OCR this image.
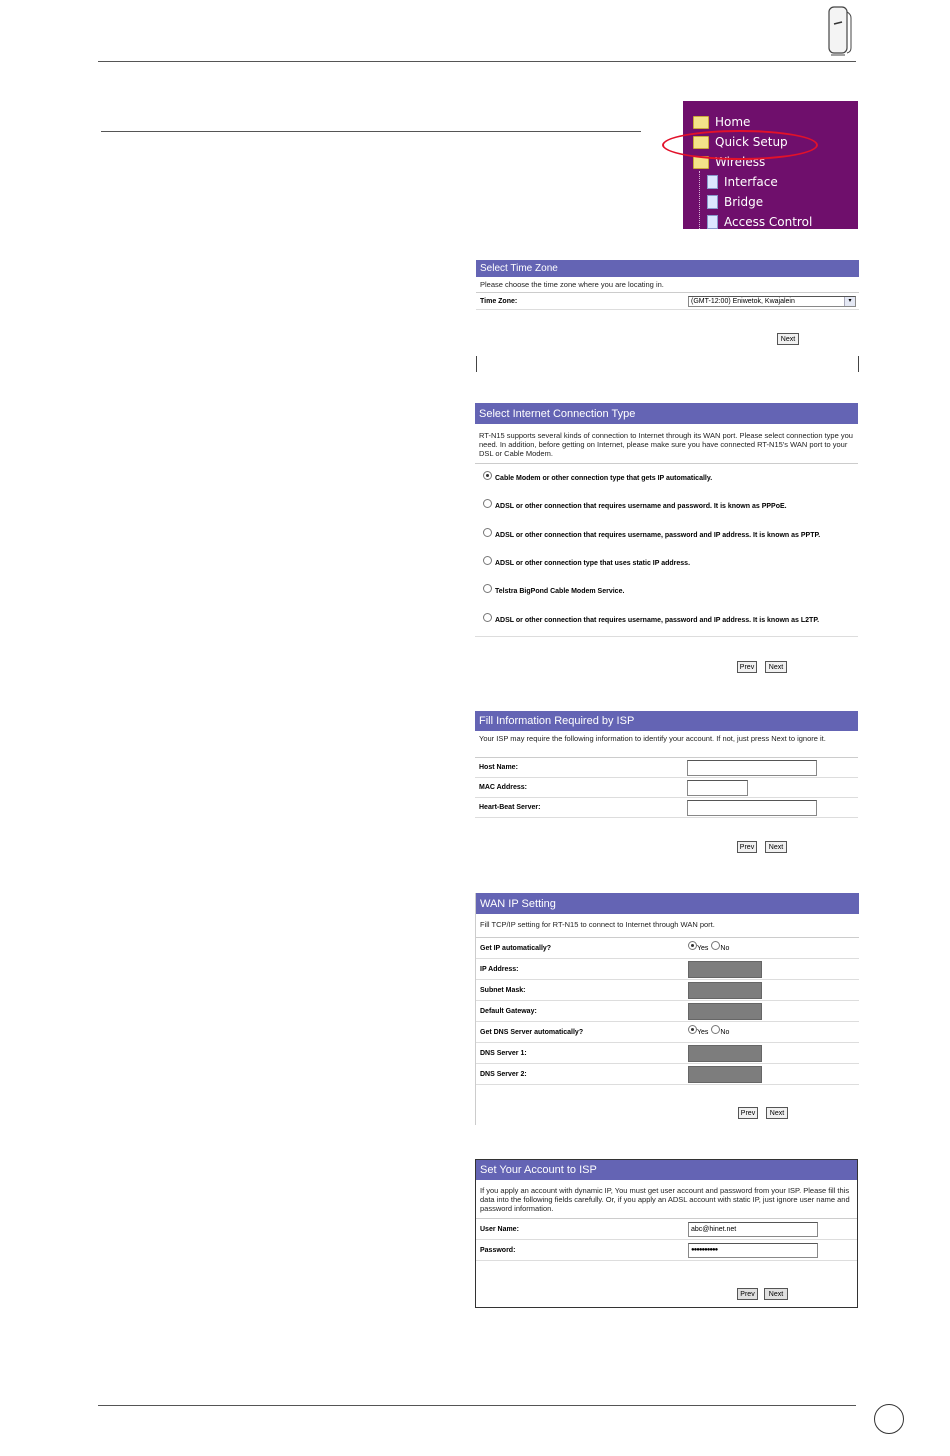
Home
Quick Setup
Wireless
Interface
Bridge
Access Control
Select Time Zone
Please choose the time zone where you are locating in.
Time Zone:	(GMT-12:00) Eniwetok, Kwajalein	▾
Next
Select Internet Connection Type
RT-N15 supports several kinds of connection to Internet through its WAN port. Please select connection type you need. In addition, before getting on Internet, please make sure you have connected RT-N15's WAN port to your DSL or Cable Modem.
Cable Modem or other connection type that gets IP automatically.
ADSL or other connection that requires username and password. It is known as PPPoE.
ADSL or other connection that requires username, password and IP address. It is known as PPTP.
ADSL or other connection type that uses static IP address.
Telstra BigPond Cable Modem Service.
ADSL or other connection that requires username, password and IP address. It is known as L2TP.
Prev	Next
Fill Information Required by ISP
Your ISP may require the following information to identify your account. If not, just press Next to ignore it.
Host Name:
MAC Address:
Heart-Beat Server:
Prev	Next
WAN IP Setting
Fill TCP/IP setting for RT-N15 to connect to Internet through WAN port.
Get IP automatically?	Yes No
IP Address:
Subnet Mask:
Default Gateway:
Get DNS Server automatically?	Yes No
DNS Server 1:
DNS Server 2:
Prev	Next
Set Your Account to ISP
If you apply an account with dynamic IP, You must get user account and password from your ISP. Please fill this data into the following fields carefully. Or, if you apply an ADSL account with static IP, just ignore user name and password information.
User Name:	abc@hinet.net
Password:	●●●●●●●●●●
Prev	Next
